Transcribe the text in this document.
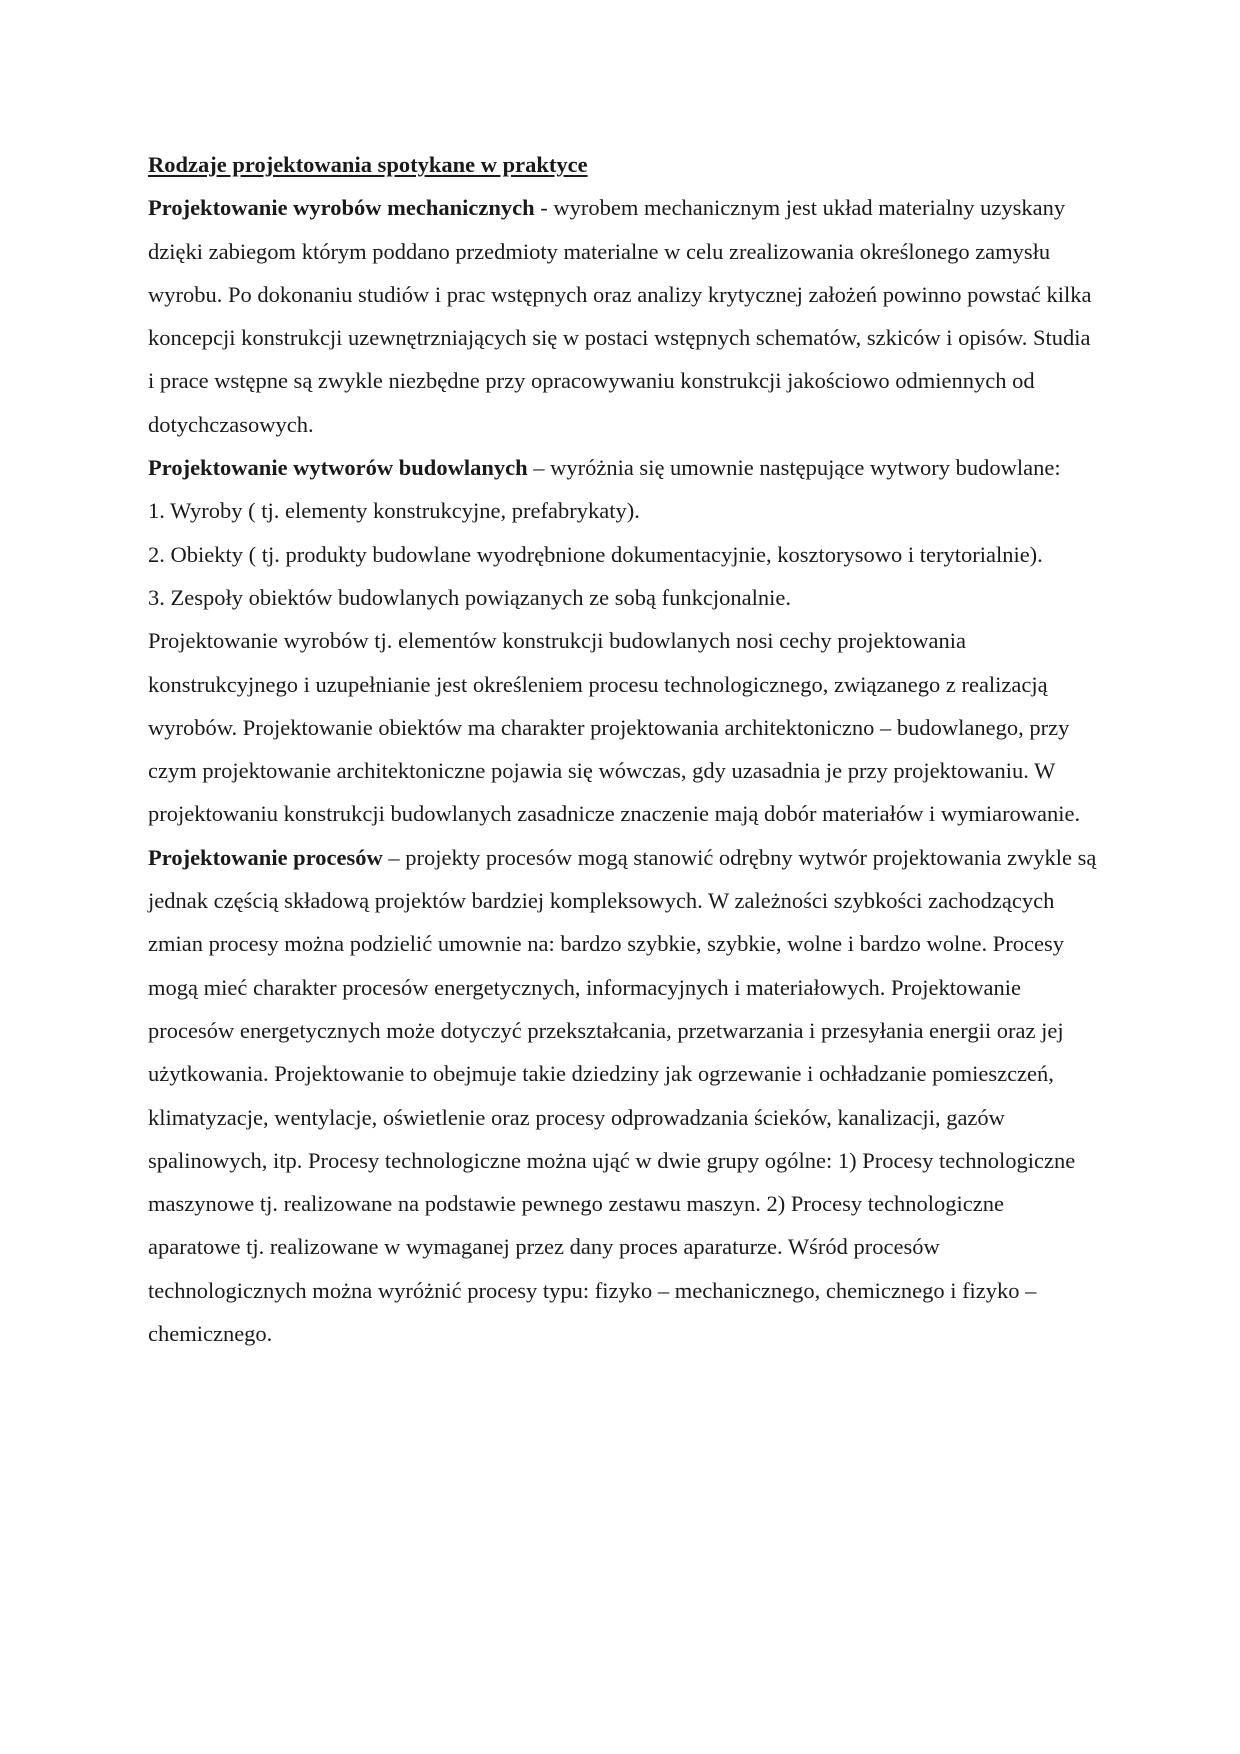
Rodzaje projektowania spotykane w praktyce

Projektowanie wyrobów mechanicznych - wyrobem mechanicznym jest układ materialny uzyskany dzięki zabiegom którym poddano przedmioty materialne w celu zrealizowania określonego zamysłu wyrobu. Po dokonaniu studiów i prac wstępnych oraz analizy krytycznej założeń powinno powstać kilka koncepcji konstrukcji uzewnętrzniających się w postaci wstępnych schematów, szkiców i opisów. Studia i prace wstępne są zwykle niezbędne przy opracowywaniu konstrukcji jakościowo odmiennych od dotychczasowych.

Projektowanie wytworów budowlanych – wyróżnia się umownie następujące wytwory budowlane:

1. Wyroby ( tj. elementy konstrukcyjne, prefabrykaty).

2. Obiekty ( tj. produkty budowlane wyodrębnione dokumentacyjnie, kosztorysowo i terytorialnie).

3. Zespoły obiektów budowlanych powiązanych ze sobą funkcjonalnie.

Projektowanie wyrobów tj. elementów konstrukcji budowlanych nosi cechy projektowania konstrukcyjnego i uzupełnianie jest określeniem procesu technologicznego, związanego z realizacją wyrobów. Projektowanie obiektów ma charakter projektowania architektoniczno – budowlanego, przy czym projektowanie architektoniczne pojawia się wówczas, gdy uzasadnia je przy projektowaniu. W projektowaniu konstrukcji budowlanych zasadnicze znaczenie mają dobór materiałów i wymiarowanie.

Projektowanie procesów – projekty procesów mogą stanowić odrębny wytwór projektowania zwykle są jednak częścią składową projektów bardziej kompleksowych. W zależności szybkości zachodzących zmian procesy można podzielić umownie na: bardzo szybkie, szybkie, wolne i bardzo wolne. Procesy mogą mieć charakter procesów energetycznych, informacyjnych i materiałowych. Projektowanie procesów energetycznych może dotyczyć przekształcania, przetwarzania i przesyłania energii oraz jej użytkowania. Projektowanie to obejmuje takie dziedziny jak ogrzewanie i ochładzanie pomieszczeń, klimatyzacje, wentylacje, oświetlenie oraz procesy odprowadzania ścieków, kanalizacji, gazów spalinowych, itp. Procesy technologiczne można ująć w dwie grupy ogólne: 1) Procesy technologiczne maszynowe tj. realizowane na podstawie pewnego zestawu maszyn. 2) Procesy technologiczne aparatowe tj. realizowane w wymaganej przez dany proces aparaturze. Wśród procesów technologicznych można wyróżnić procesy typu: fizyko – mechanicznego, chemicznego i fizyko – chemicznego.
